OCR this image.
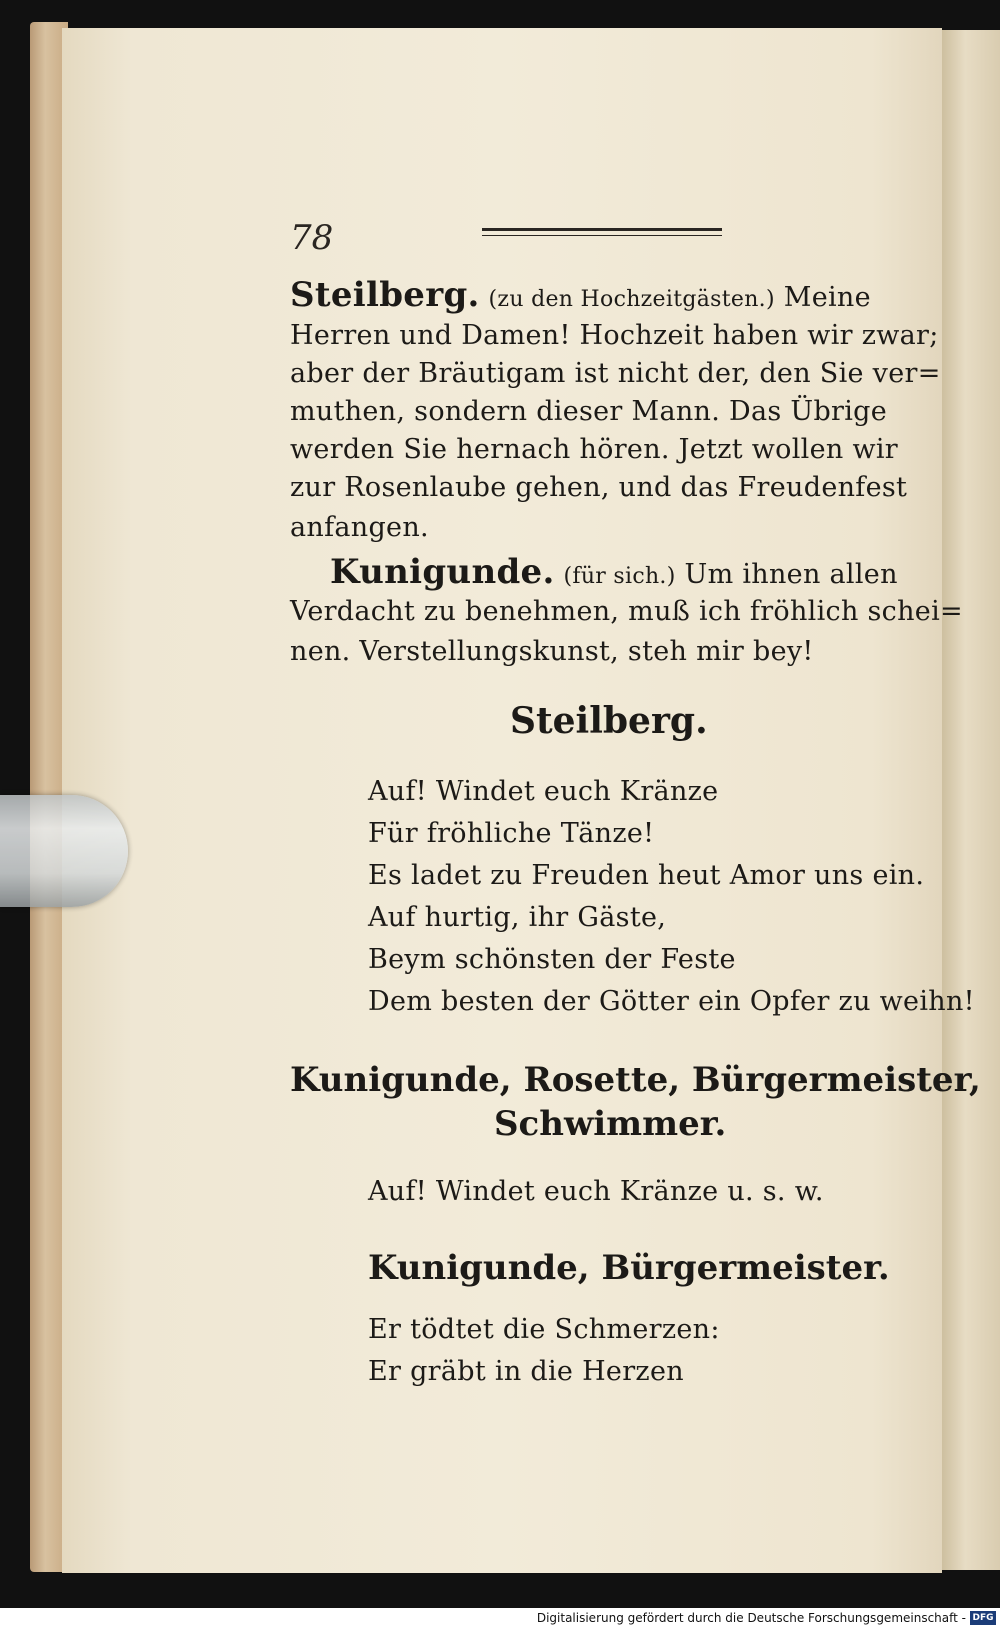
78
Steilberg. (zu den Hochzeitgästen.) Meine
Herren und Damen! Hochzeit haben wir zwar;
aber der Bräutigam ist nicht der, den Sie ver=
muthen, sondern dieser Mann. Das Übrige
werden Sie hernach hören. Jetzt wollen wir
zur Rosenlaube gehen, und das Freudenfest
anfangen.
Kunigunde. (für sich.) Um ihnen allen
Verdacht zu benehmen, muß ich fröhlich schei=
nen. Verstellungskunst, steh mir bey!
Steilberg.
Auf! Windet euch Kränze
Für fröhliche Tänze!
Es ladet zu Freuden heut Amor uns ein.
Auf hurtig, ihr Gäste,
Beym schönsten der Feste
Dem besten der Götter ein Opfer zu weihn!
Kunigunde, Rosette, Bürgermeister,
Schwimmer.
Auf! Windet euch Kränze u. s. w.
Kunigunde, Bürgermeister.
Er tödtet die Schmerzen:
Er gräbt in die Herzen
Digitalisierung gefördert durch die Deutsche Forschungsgemeinschaft - DFG
